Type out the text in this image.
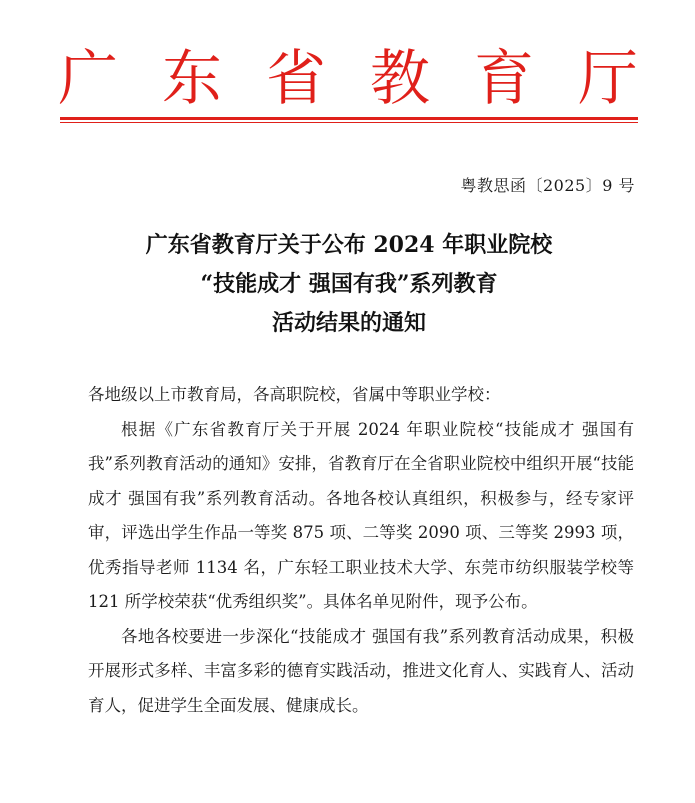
广 东 省 教 育 厅
粤教思函〔2025〕9 号
广东省教育厅关于公布 2024 年职业院校
“技能成才 强国有我”系列教育
活动结果的通知
各地级以上市教育局，各高职院校，省属中等职业学校：

根据《广东省教育厅关于开展 2024 年职业院校“技能成才 强国有我”系列教育活动的通知》安排，省教育厅在全省职业院校中组织开展“技能成才 强国有我”系列教育活动。各地各校认真组织，积极参与，经专家评审，评选出学生作品一等奖 875 项、二等奖 2090 项、三等奖 2993 项，优秀指导老师 1134 名，广东轻工职业技术大学、东莞市纺织服装学校等 121 所学校荣获“优秀组织奖”。具体名单见附件，现予公布。

各地各校要进一步深化“技能成才 强国有我”系列教育活动成果，积极开展形式多样、丰富多彩的德育实践活动，推进文化育人、实践育人、活动育人，促进学生全面发展、健康成长。
